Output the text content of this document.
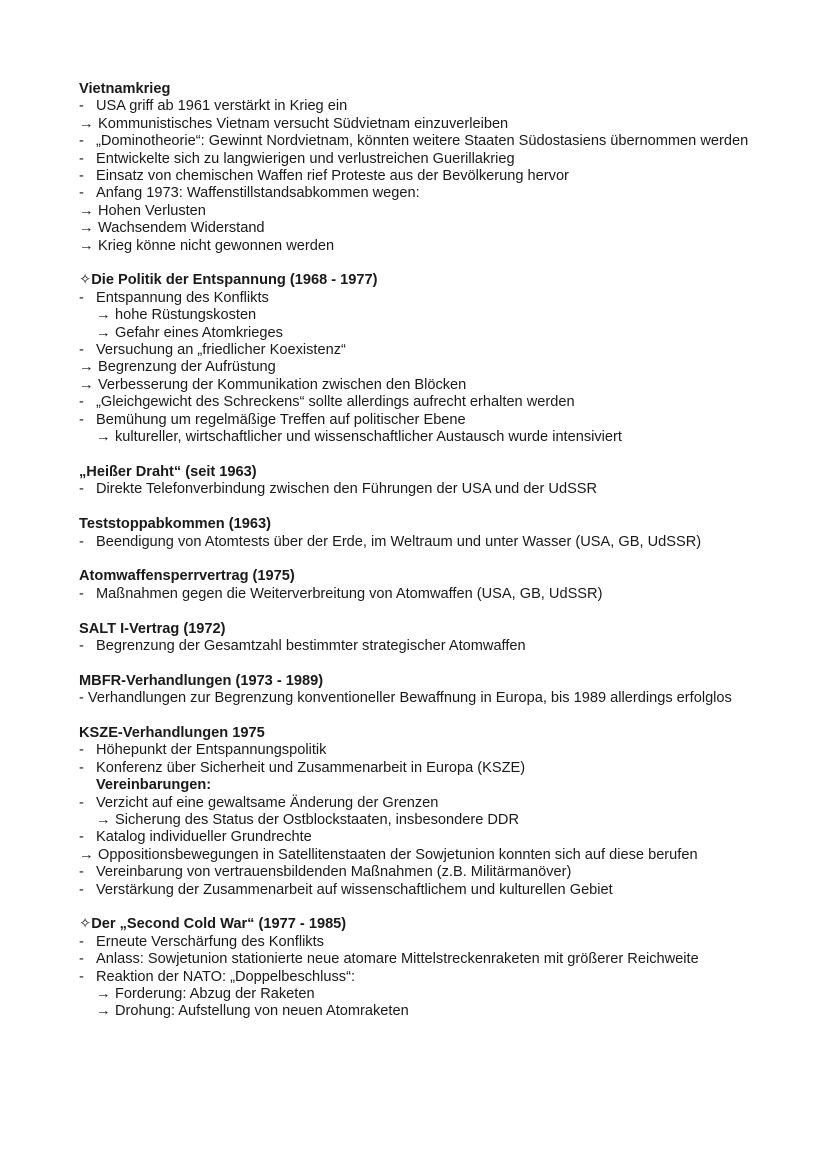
Vietnamkrieg
- USA griff ab 1961 verstärkt in Krieg ein
→ Kommunistisches Vietnam versucht Südvietnam einzuverleiben
- „Dominotheorie“: Gewinnt Nordvietnam, könnten weitere Staaten Südostasiens übernommen werden
- Entwickelte sich zu langwierigen und verlustreichen Guerillakrieg
- Einsatz von chemischen Waffen rief Proteste aus der Bevölkerung hervor
- Anfang 1973: Waffenstillstandsabkommen wegen:
→ Hohen Verlusten
→ Wachsendem Widerstand
→ Krieg könne nicht gewonnen werden
✧Die Politik der Entspannung (1968 - 1977)
- Entspannung des Konflikts
→ hohe Rüstungskosten
→ Gefahr eines Atomkrieges
- Versuchung an „friedlicher Koexistenz“
→ Begrenzung der Aufrüstung
→ Verbesserung der Kommunikation zwischen den Blöcken
- „Gleichgewicht des Schreckens“ sollte allerdings aufrecht erhalten werden
- Bemühung um regelmäßige Treffen auf politischer Ebene
→ kultureller, wirtschaftlicher und wissenschaftlicher Austausch wurde intensiviert
„Heißer Draht“ (seit 1963)
- Direkte Telefonverbindung zwischen den Führungen der USA und der UdSSR
Teststoppabkommen (1963)
- Beendigung von Atomtests über der Erde, im Weltraum und unter Wasser (USA, GB, UdSSR)
Atomwaffensperrvertrag (1975)
- Maßnahmen gegen die Weiterverbreitung von Atomwaffen (USA, GB, UdSSR)
SALT I-Vertrag (1972)
- Begrenzung der Gesamtzahl bestimmter strategischer Atomwaffen
MBFR-Verhandlungen (1973 - 1989)
- Verhandlungen zur Begrenzung konventioneller Bewaffnung in Europa, bis 1989 allerdings erfolglos
KSZE-Verhandlungen 1975
- Höhepunkt der Entspannungspolitik
- Konferenz über Sicherheit und Zusammenarbeit in Europa (KSZE)
Vereinbarungen:
- Verzicht auf eine gewaltsame Änderung der Grenzen
→ Sicherung des Status der Ostblockstaaten, insbesondere DDR
- Katalog individueller Grundrechte
→ Oppositionsbewegungen in Satellitenstaaten der Sowjetunion konnten sich auf diese berufen
- Vereinbarung von vertrauensbildenden Maßnahmen (z.B. Militärmanöver)
- Verstärkung der Zusammenarbeit auf wissenschaftlichem und kulturellen Gebiet
✧Der „Second Cold War“ (1977 - 1985)
- Erneute Verschärfung des Konflikts
- Anlass: Sowjetunion stationierte neue atomare Mittelstreckenraketen mit größerer Reichweite
- Reaktion der NATO: „Doppelbeschluss“:
→ Forderung: Abzug der Raketen
→ Drohung: Aufstellung von neuen Atomraketen
